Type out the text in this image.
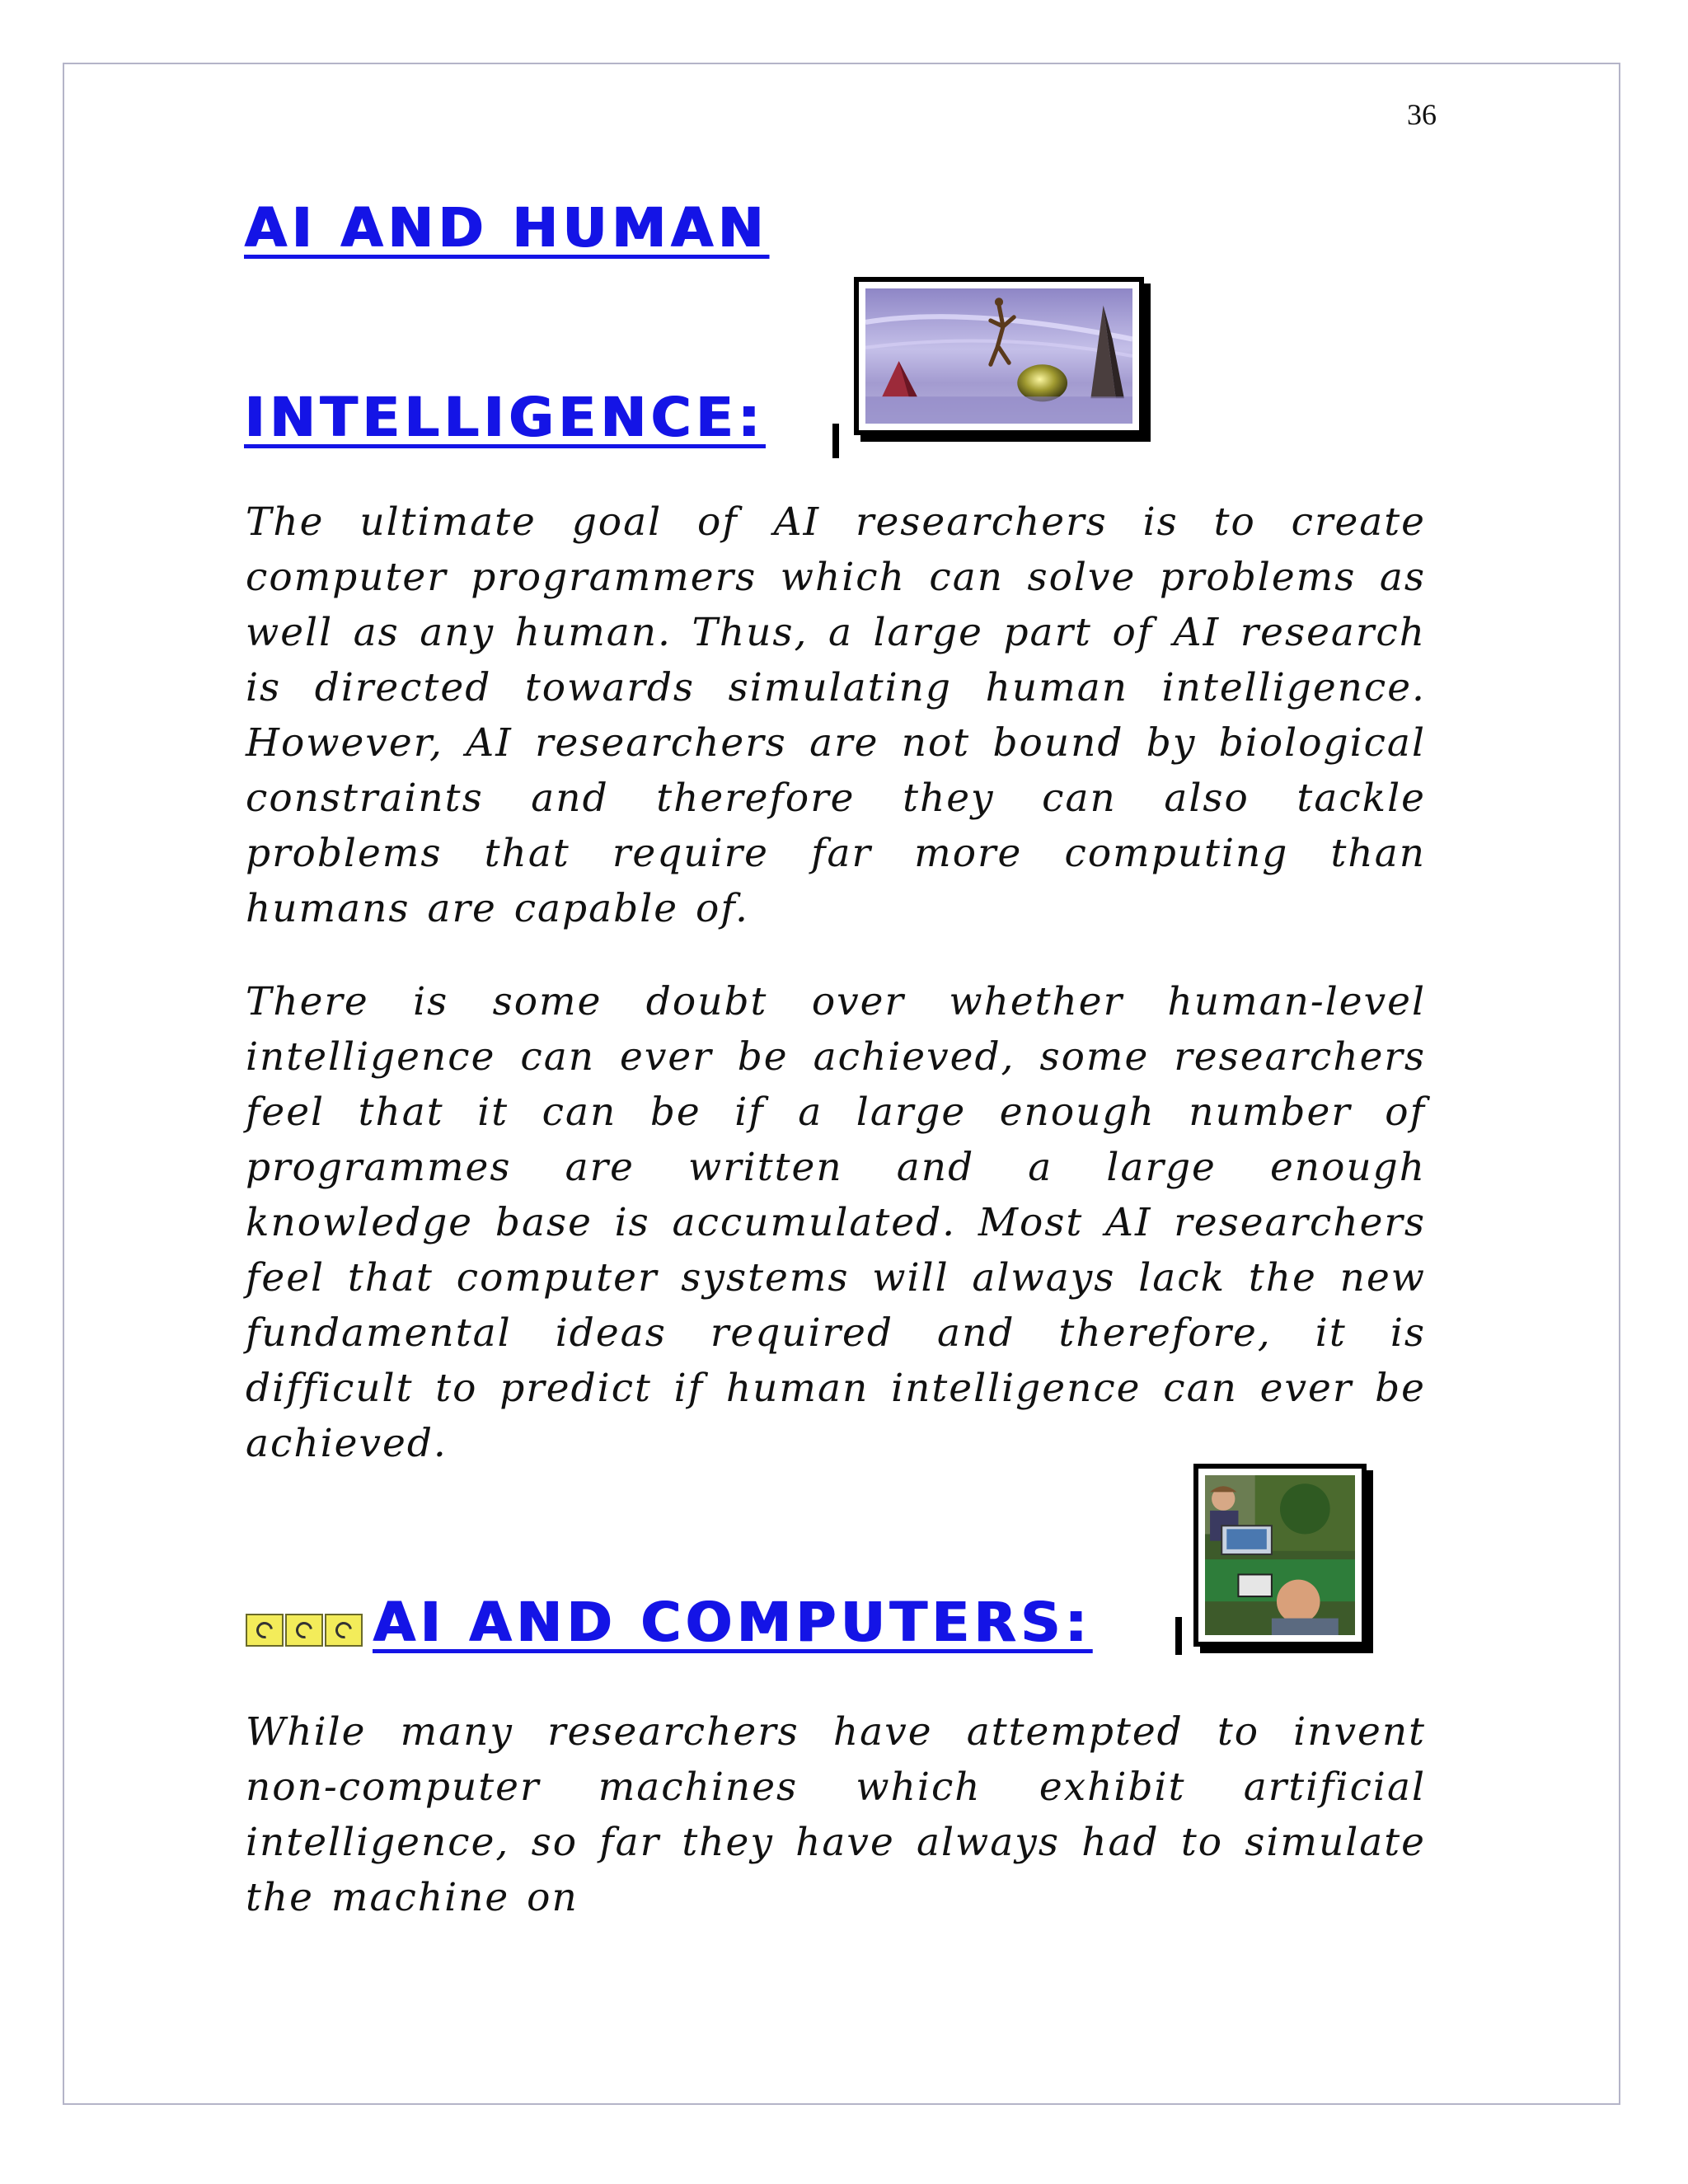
36
AI AND HUMAN
INTELLIGENCE:

The ultimate goal of AI researchers is to create computer programmers which can solve problems as well as any human. Thus, a large part of AI research is directed towards simulating human intelligence. However, AI researchers are not bound by biological constraints and therefore they can also tackle problems that require far more computing than humans are capable of.

There is some doubt over whether human-level intelligence can ever be achieved, some researchers feel that it can be if a large enough number of programmes are written and a large enough knowledge base is accumulated. Most AI researchers feel that computer systems will always lack the new fundamental ideas required and therefore, it is difficult to predict if human intelligence can ever be achieved.

AI AND COMPUTERS:

While many researchers have attempted to invent non-computer machines which exhibit artificial intelligence, so far they have always had to simulate the machine on
